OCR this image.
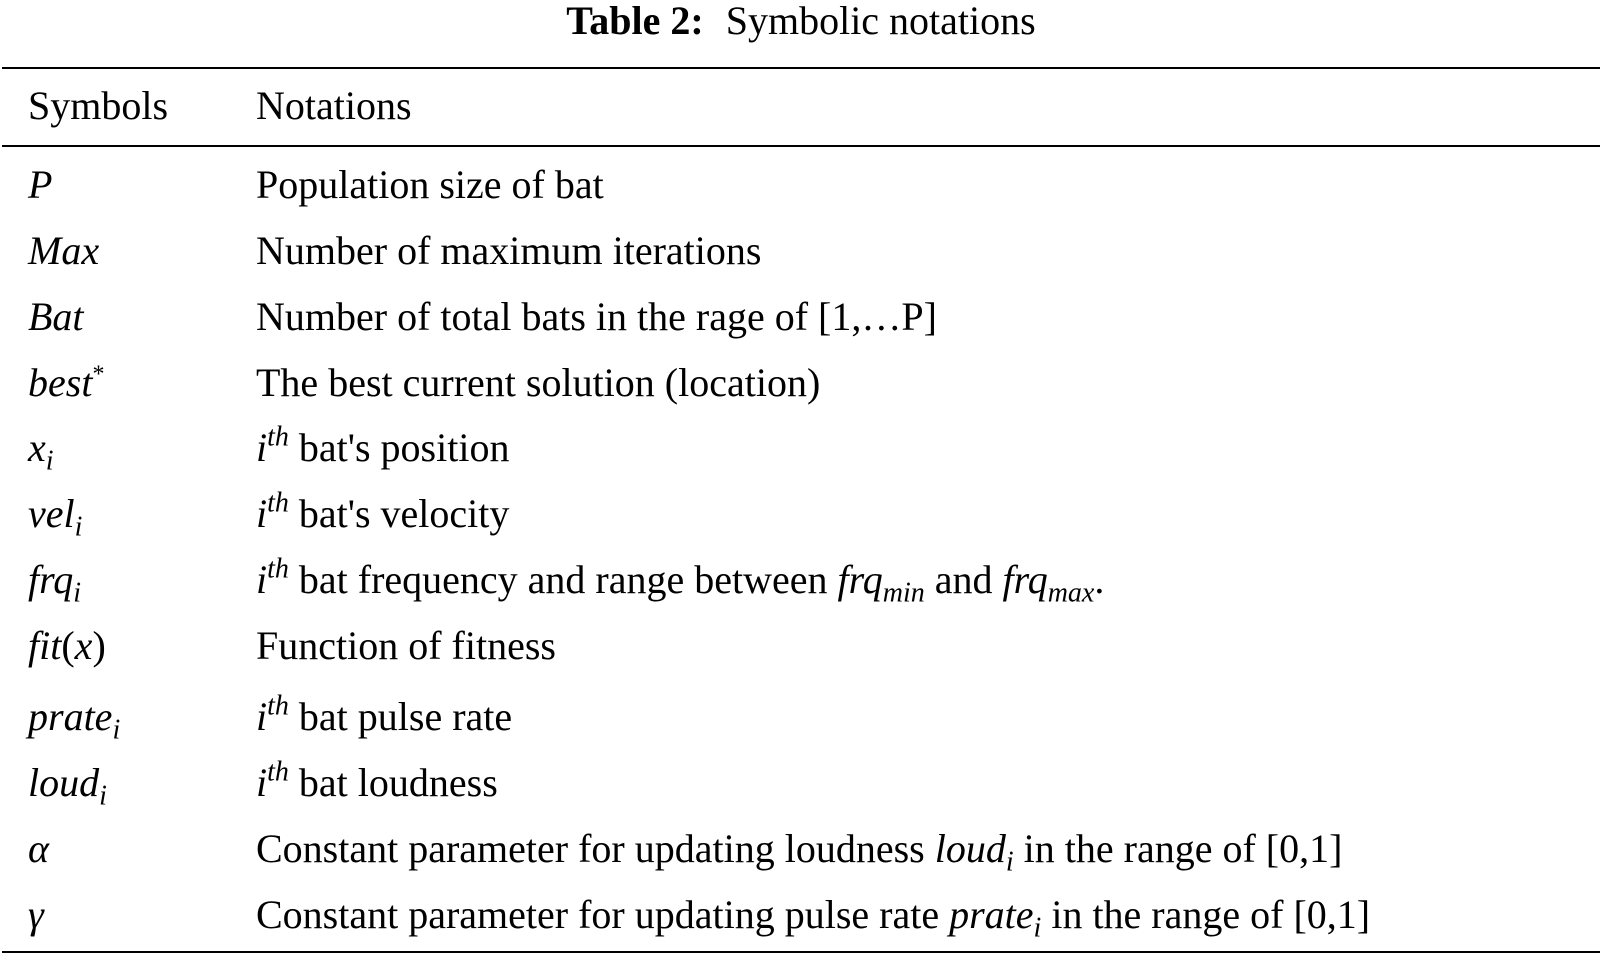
Table 2: Symbolic notations
Symbols Notations
P	Population size of bat
Max	Number of maximum iterations
Bat	Number of total bats in the rage of [1,…P]
best*	The best current solution (location)
$x_i$	$i^{th}$ bat's position
vel$_i$	$i^{th}$ bat's velocity
frq$_i$	$i^{th}$ bat frequency and range between frq$_{min}$ and frq$_{max}$.
fit(x)	Function of fitness
prate$_i$	$i^{th}$ bat pulse rate
loud$_i$	$i^{th}$ bat loudness
α	Constant parameter for updating loudness loud$_i$ in the range of [0,1]
γ	Constant parameter for updating pulse rate prate$_i$ in the range of [0,1]
